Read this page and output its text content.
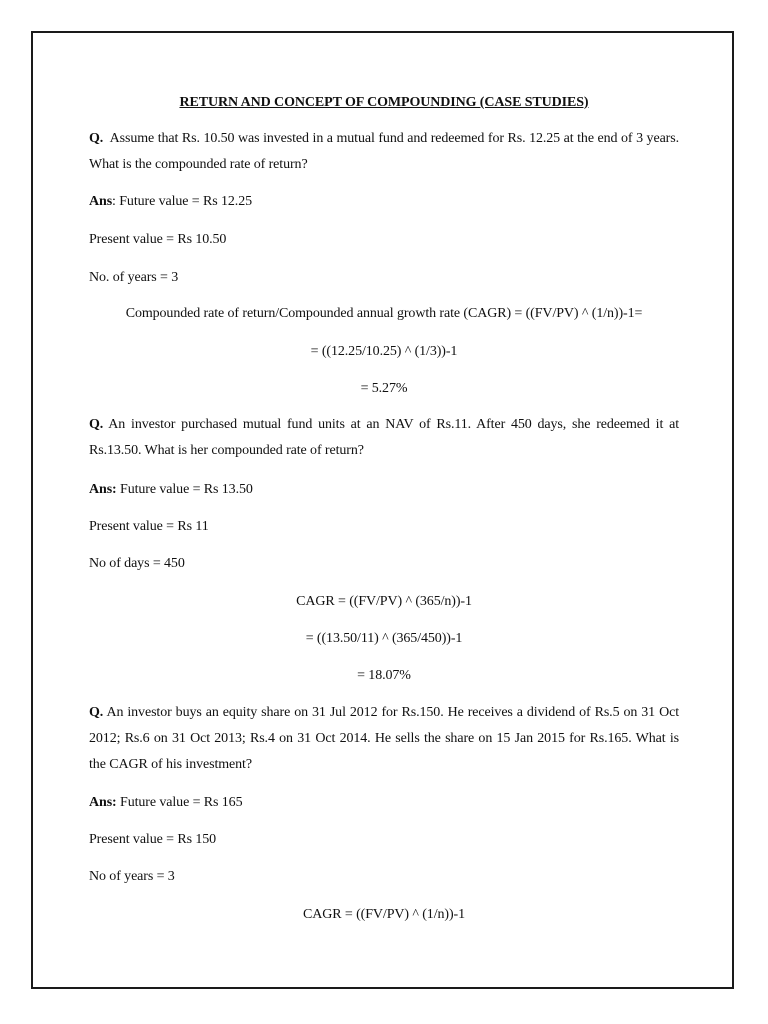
RETURN AND CONCEPT OF COMPOUNDING (CASE STUDIES)
Q. Assume that Rs. 10.50 was invested in a mutual fund and redeemed for Rs. 12.25 at the end of 3 years. What is the compounded rate of return?
Ans: Future value = Rs 12.25
Present value = Rs 10.50
No. of years = 3
Compounded rate of return/Compounded annual growth rate (CAGR) = ((FV/PV) ^ (1/n))-1=
= ((12.25/10.25) ^ (1/3))-1
= 5.27%
Q. An investor purchased mutual fund units at an NAV of Rs.11. After 450 days, she redeemed it at Rs.13.50. What is her compounded rate of return?
Ans: Future value = Rs 13.50
Present value = Rs 11
No of days = 450
CAGR = ((FV/PV) ^ (365/n))-1
= ((13.50/11) ^ (365/450))-1
= 18.07%
Q. An investor buys an equity share on 31 Jul 2012 for Rs.150. He receives a dividend of Rs.5 on 31 Oct 2012; Rs.6 on 31 Oct 2013; Rs.4 on 31 Oct 2014. He sells the share on 15 Jan 2015 for Rs.165. What is the CAGR of his investment?
Ans: Future value = Rs 165
Present value = Rs 150
No of years = 3
CAGR = ((FV/PV) ^ (1/n))-1
